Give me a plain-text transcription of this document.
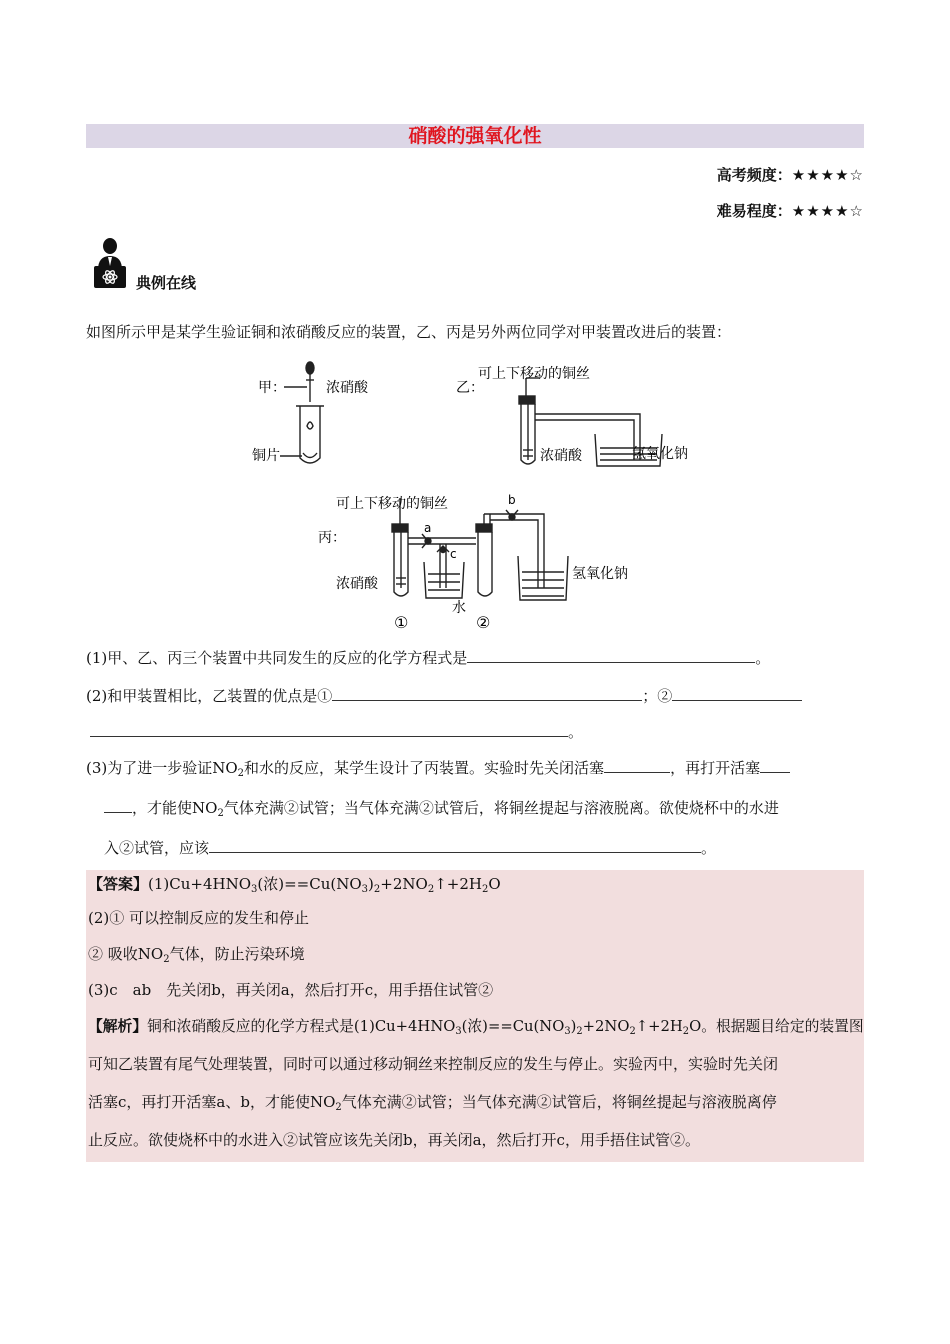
硝酸的强氧化性
高考频度：★★★★☆
难易程度：★★★★☆
典例在线
如图所示甲是某学生验证铜和浓硝酸反应的装置，乙、丙是另外两位同学对甲装置改进后的装置：
甲：	浓硝酸
铜片
乙：
可上下移动的铜丝
浓硝酸	氢氧化钠
可上下移动的铜丝
丙：
浓硝酸
水
氢氧化钠
a
b
c
①	②
(1)甲、乙、丙三个装置中共同发生的反应的化学方程式是	。
(2)和甲装置相比，乙装置的优点是①	；②
。
(3)为了进一步验证$NO_2$和水的反应，某学生设计了丙装置。实验时先关闭活塞	，再打开活塞
，才能使$NO_2$气体充满②试管；当气体充满②试管后，将铜丝提起与溶液脱离。欲使烧杯中的水进
入②试管，应该	。
【答案】$(1)Cu+4HNO_3$(浓)$==Cu(NO_3)_2+2NO_2↑+2H_2O$
(2)① 可以控制反应的发生和停止
② 吸收$NO_2$气体，防止污染环境
(3)c　ab　先关闭b，再关闭a，然后打开c，用手捂住试管②
【解析】铜和浓硝酸反应的化学方程式是$(1)Cu+4HNO_3$(浓)$==Cu(NO_3)_2+2NO_2↑+2H_2O$。根据题目给定的装置图
可知乙装置有尾气处理装置，同时可以通过移动铜丝来控制反应的发生与停止。实验丙中，实验时先关闭
活塞c，再打开活塞a、b，才能使$NO_2$气体充满②试管；当气体充满②试管后，将铜丝提起与溶液脱离停
止反应。欲使烧杯中的水进入②试管应该先关闭b，再关闭a，然后打开c，用手捂住试管②。
